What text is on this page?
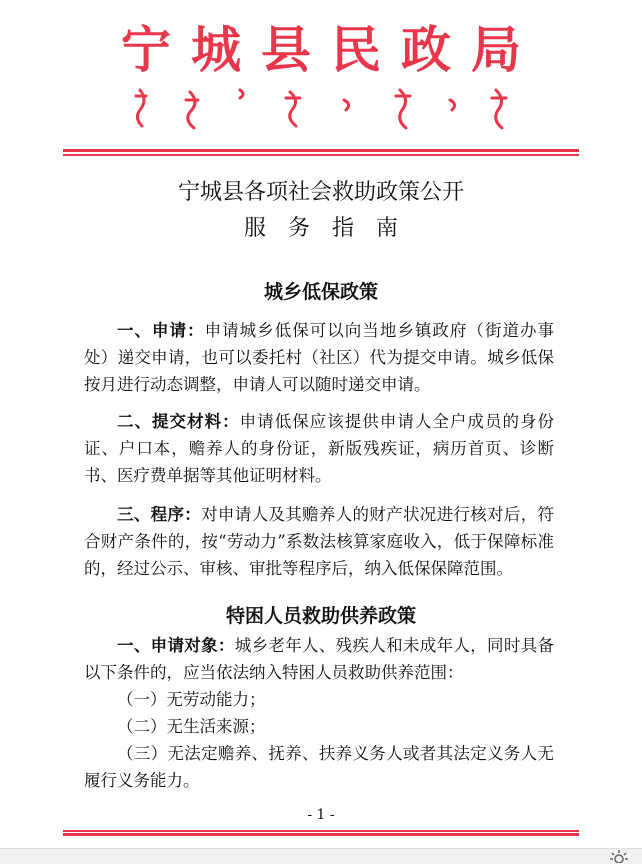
宁城县民政局
宁城县各项社会救助政策公开
服务指南
城乡低保政策
一、申请：申请城乡低保可以向当地乡镇政府（街道办事处）递交申请，也可以委托村（社区）代为提交申请。城乡低保按月进行动态调整，申请人可以随时递交申请。
二、提交材料：申请低保应该提供申请人全户成员的身份证、户口本，赡养人的身份证，新版残疾证，病历首页、诊断书、医疗费单据等其他证明材料。
三、程序：对申请人及其赡养人的财产状况进行核对后，符合财产条件的，按“劳动力”系数法核算家庭收入，低于保障标准的，经过公示、审核、审批等程序后，纳入低保保障范围。
特困人员救助供养政策
一、申请对象：城乡老年人、残疾人和未成年人，同时具备以下条件的，应当依法纳入特困人员救助供养范围：
（一）无劳动能力；
（二）无生活来源；
（三）无法定赡养、抚养、扶养义务人或者其法定义务人无履行义务能力。
- 1 -
